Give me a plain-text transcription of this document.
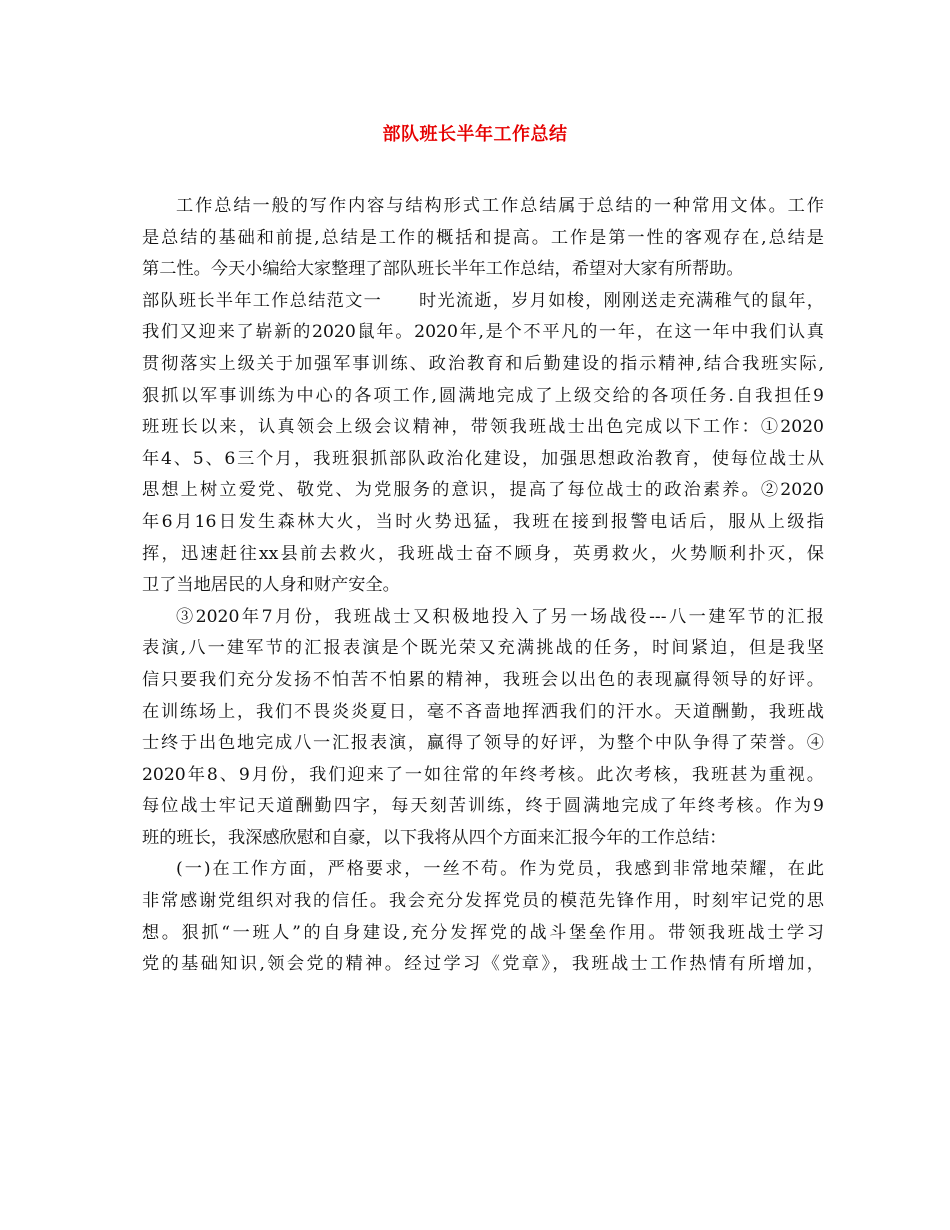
部队班长半年工作总结
工作总结一般的写作内容与结构形式工作总结属于总结的一种常用文体。工作
是总结的基础和前提,总结是工作的概括和提高。工作是第一性的客观存在,总结是
第二性。今天小编给大家整理了部队班长半年工作总结，希望对大家有所帮助。
部队班长半年工作总结范文一　　时光流逝，岁月如梭，刚刚送走充满稚气的鼠年，
我们又迎来了崭新的2020鼠年。2020年,是个不平凡的一年，在这一年中我们认真
贯彻落实上级关于加强军事训练、政治教育和后勤建设的指示精神,结合我班实际,
狠抓以军事训练为中心的各项工作,圆满地完成了上级交给的各项任务.自我担任9
班班长以来，认真领会上级会议精神，带领我班战士出色完成以下工作：①2020
年4、5、6三个月，我班狠抓部队政治化建设，加强思想政治教育，使每位战士从
思想上树立爱党、敬党、为党服务的意识，提高了每位战士的政治素养。②2020
年6月16日发生森林大火，当时火势迅猛，我班在接到报警电话后，服从上级指
挥，迅速赶往xx县前去救火，我班战士奋不顾身，英勇救火，火势顺利扑灭，保
卫了当地居民的人身和财产安全。
③2020年7月份，我班战士又积极地投入了另一场战役---八一建军节的汇报
表演,八一建军节的汇报表演是个既光荣又充满挑战的任务，时间紧迫，但是我坚
信只要我们充分发扬不怕苦不怕累的精神，我班会以出色的表现赢得领导的好评。
在训练场上，我们不畏炎炎夏日，毫不吝啬地挥洒我们的汗水。天道酬勤，我班战
士终于出色地完成八一汇报表演，赢得了领导的好评，为整个中队争得了荣誉。④
2020年8、9月份，我们迎来了一如往常的年终考核。此次考核，我班甚为重视。
每位战士牢记天道酬勤四字，每天刻苦训练，终于圆满地完成了年终考核。作为9
班的班长，我深感欣慰和自豪，以下我将从四个方面来汇报今年的工作总结：
(一)在工作方面，严格要求，一丝不苟。作为党员，我感到非常地荣耀，在此
非常感谢党组织对我的信任。我会充分发挥党员的模范先锋作用，时刻牢记党的思
想。狠抓“一班人”的自身建设,充分发挥党的战斗堡垒作用。带领我班战士学习
党的基础知识,领会党的精神。经过学习《党章》，我班战士工作热情有所增加，
